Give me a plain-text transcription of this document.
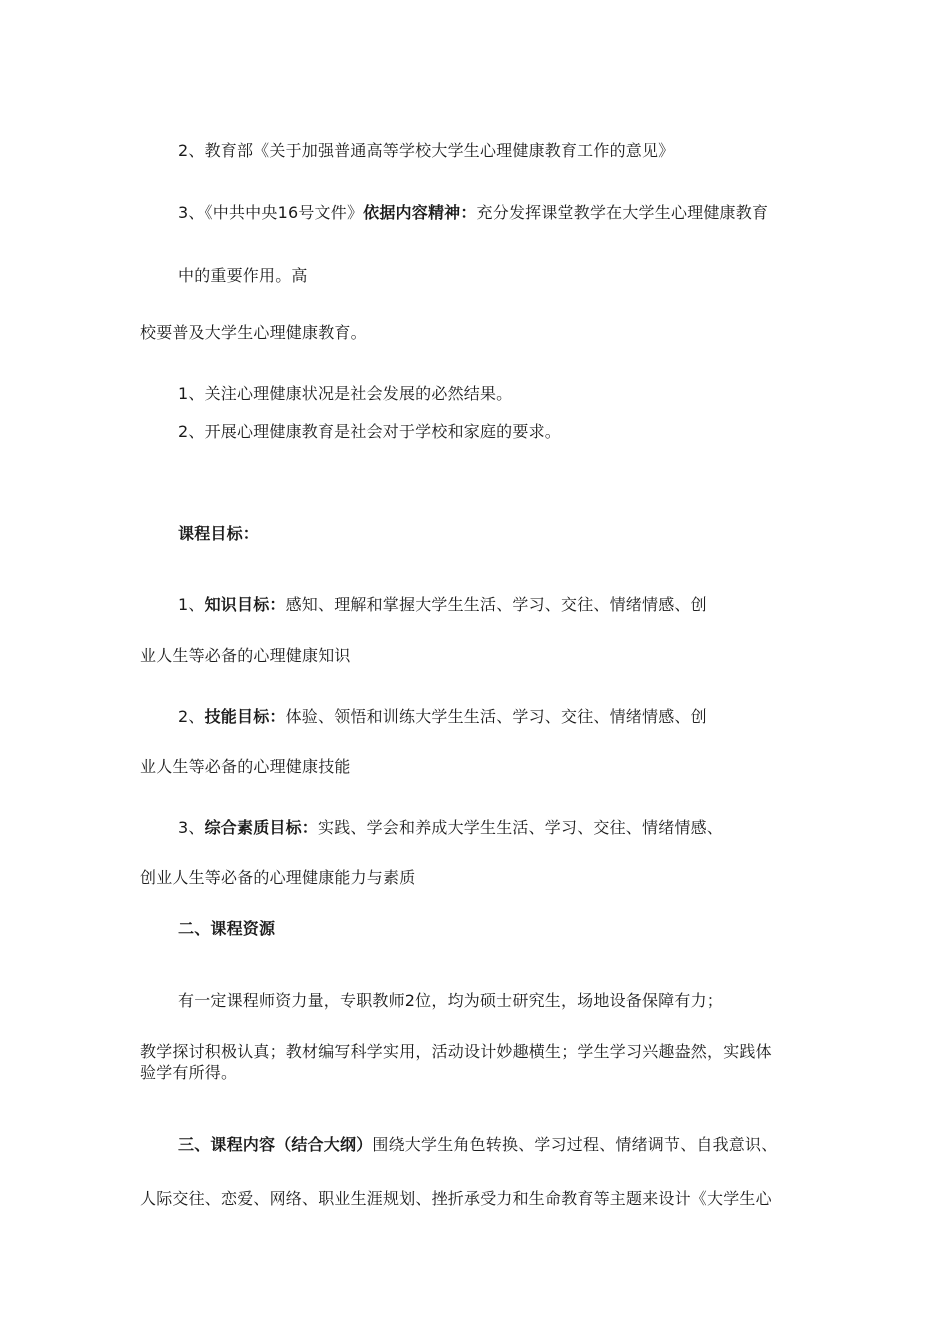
2、教育部《关于加强普通高等学校大学生心理健康教育工作的意见》
3、《中共中央16号文件》依据内容精神：充分发挥课堂教学在大学生心理健康教育
中的重要作用。高
校要普及大学生心理健康教育。
1、关注心理健康状况是社会发展的必然结果。
2、开展心理健康教育是社会对于学校和家庭的要求。
课程目标：
1、知识目标：感知、理解和掌握大学生生活、学习、交往、情绪情感、创
业人生等必备的心理健康知识
2、技能目标：体验、领悟和训练大学生生活、学习、交往、情绪情感、创
业人生等必备的心理健康技能
3、综合素质目标：实践、学会和养成大学生生活、学习、交往、情绪情感、
创业人生等必备的心理健康能力与素质
二、课程资源
有一定课程师资力量，专职教师2位，均为硕士研究生，场地设备保障有力；
教学探讨积极认真；教材编写科学实用，活动设计妙趣横生；学生学习兴趣盎然，实践体
验学有所得。
三、课程内容（结合大纲）围绕大学生角色转换、学习过程、情绪调节、自我意识、
人际交往、恋爱、网络、职业生涯规划、挫折承受力和生命教育等主题来设计《大学生心
